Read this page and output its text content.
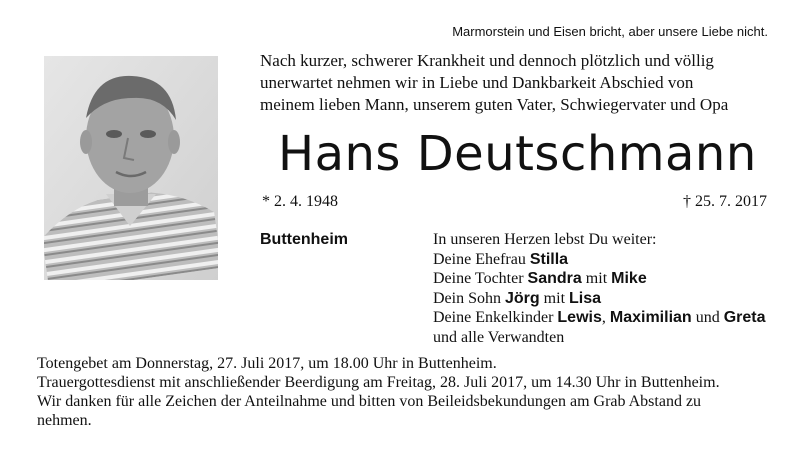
Marmorstein und Eisen bricht, aber unsere Liebe nicht.
Nach kurzer, schwerer Krankheit und dennoch plötzlich und völlig
unerwartet nehmen wir in Liebe und Dankbarkeit Abschied von
meinem lieben Mann, unserem guten Vater, Schwiegervater und Opa
Hans Deutschmann
* 2. 4. 1948	† 25. 7. 2017
Buttenheim	In unseren Herzen lebst Du weiter:
Deine Ehefrau Stilla
Deine Tochter Sandra mit Mike
Dein Sohn Jörg mit Lisa
Deine Enkelkinder Lewis, Maximilian und Greta
und alle Verwandten
Totengebet am Donnerstag, 27. Juli 2017, um 18.00 Uhr in Buttenheim.
Trauergottesdienst mit anschließender Beerdigung am Freitag, 28. Juli 2017, um 14.30 Uhr in Buttenheim.
Wir danken für alle Zeichen der Anteilnahme und bitten von Beileidsbekundungen am Grab Abstand zu
nehmen.
